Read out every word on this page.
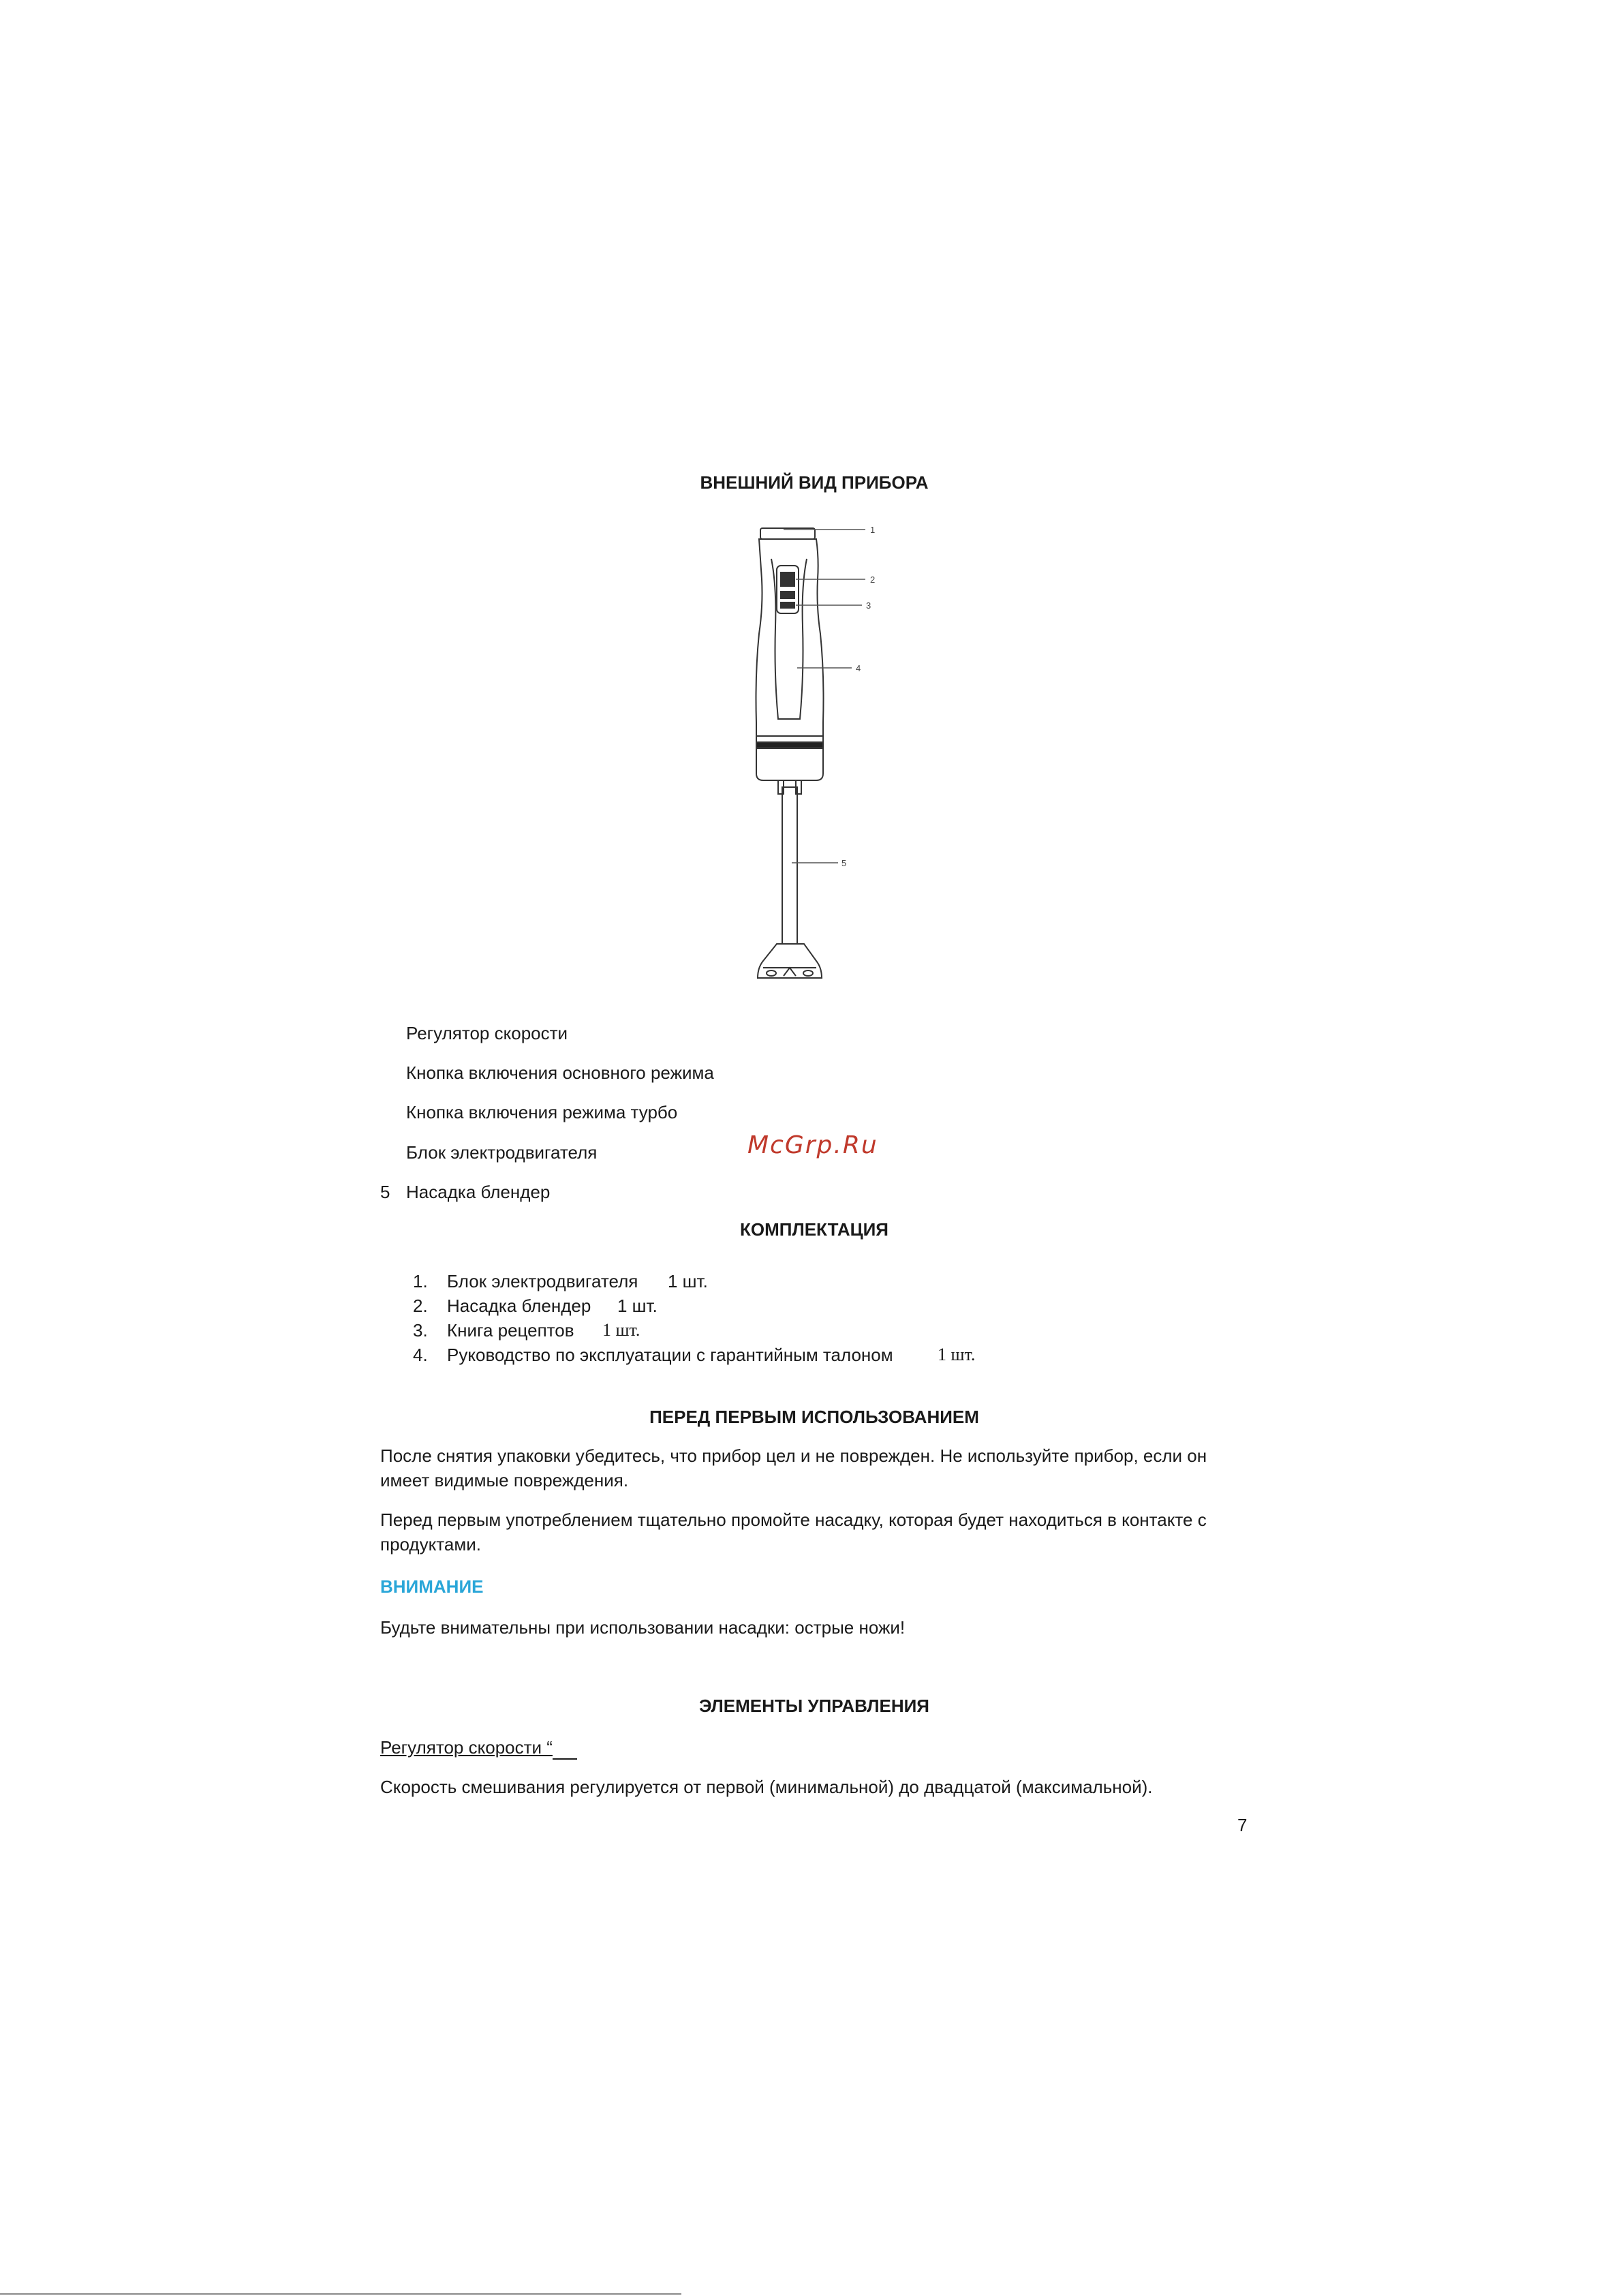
ВНЕШНИЙ ВИД ПРИБОРА
1
2
3
4
5
Регулятор скорости
Кнопка включения основного режима
Кнопка включения режима турбо
Блок электродвигателя
5 Насадка блендер
McGrp.Ru
КОМПЛЕКТАЦИЯ
1. Блок электродвигателя 1 шт.
2. Насадка блендер 1 шт.
3. Книга рецептов 1 шт.
4. Руководство по эксплуатации с гарантийным талоном	1 шт.
ПЕРЕД ПЕРВЫМ ИСПОЛЬЗОВАНИЕМ
После снятия упаковки убедитесь, что прибор цел и не поврежден. Не используйте прибор, если он имеет видимые повреждения.
Перед первым употреблением тщательно промойте насадку, которая будет находиться в контакте с продуктами.
ВНИМАНИЕ
Будьте внимательны при использовании насадки: острые ножи!
ЭЛЕМЕНТЫ УПРАВЛЕНИЯ
Регулятор скорости “
Скорость смешивания регулируется от первой (минимальной) до двадцатой (максимальной).
7
